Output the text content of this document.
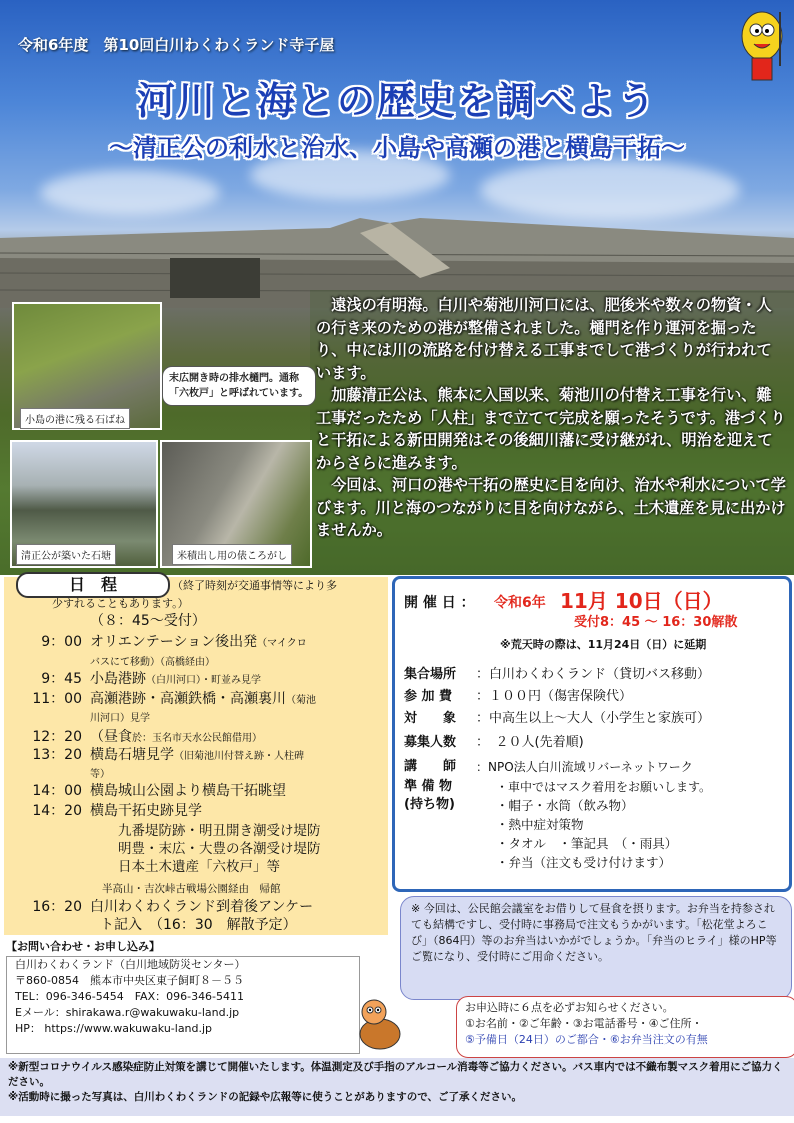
令和6年度　第10回白川わくわくランド寺子屋
河川と海との歴史を調べよう
～清正公の利水と治水、小島や高瀬の港と横島干拓～
小島の港に残る石ばね
末広開き時の排水樋門。通称「六枚戸」と呼ばれています。
清正公が築いた石塘	米積出し用の俵ころがし

　遠浅の有明海。白川や菊池川河口には、肥後米や数々の物資・人の行き来のための港が整備されました。樋門を作り運河を掘ったり、中には川の流路を付け替える工事までして港づくりが行われています。

　加藤清正公は、熊本に入国以来、菊池川の付替え工事を行い、難工事だったため「人柱」まで立てて完成を願ったそうです。港づくりと干拓による新田開発はその後細川藩に受け継がれ、明治を迎えてからさらに進みます。

　今回は、河口の港や干拓の歴史に目を向け、治水や利水について学びます。川と海のつながりに目を向けながら、土木遺産を見に出かけませんか。

日　程	（終了時刻が交通事情等により多
少すれることもあります。）
（８：45～受付）
9：00 オリエンテーション後出発（マイクロ
バスにて移動）（高橋経由）
9：45 小島港跡（白川河口）・町並み見学
11：00 高瀬港跡・高瀬鉄橋・高瀬裏川（菊池
川河口）見学
12：20 （昼食於：玉名市天水公民館借用）
13：20 横島石塘見学（旧菊池川付替え跡・人柱碑
等）
14：00 横島城山公園より横島干拓眺望
14：20 横島干拓史跡見学
九番堤防跡・明丑開き潮受け堤防
明豊・末広・大豊の各潮受け堤防
日本土木遺産「六枚戸」等
半高山・吉次峠古戦場公園経由　帰館
16：20 白川わくわくランド到着後アンケー
ト記入　（16：30　解散予定）
【お問い合わせ・お申し込み】
白川わくわくランド（白川地域防災センター）
〒860-0854　熊本市中央区東子飼町８－５５
TEL：096-346-5454　FAX：096-346-5411
Eメール：shirakawa.r@wakuwaku-land.jp
HP： https://www.wakuwaku-land.jp
開 催 日 ： 令和6年 11月 10日（日）
受付8：45 ～ 16：30解散
※荒天時の際は、11月24日（日）に延期
集合場所 ：白川わくわくランド（貸切バス移動）
参 加 費 ：１００円（傷害保険代）
対　　象 ：中高生以上～大人（小学生と家族可）
募集人数 ：　２０人(先着順)
講　　師 ：NPO法人白川流域リバーネットワーク
準 備 物
(持ち物)
・車中ではマスク着用をお願いします。
・帽子・水筒（飲み物）
・熱中症対策物
・タオル　・筆記具　（・雨具）
・弁当（注文も受け付けます）
※ 今回は、公民館会議室をお借りして昼食を摂ります。お弁当を持参されても結構ですし、受付時に事務局で注文もうかがいます。「松花堂よろこび」（864円）等のお弁当はいかがでしょうか。「弁当のヒライ」様のHP等ご覧になり、受付時にご用命ください。
お申込時に６点を必ずお知らせください。
①お名前・②ご年齢・③お電話番号・④ご住所・
⑤予備日（24日）のご都合・⑥お弁当注文の有無
※新型コロナウイルス感染症防止対策を講じて開催いたします。体温測定及び手指のアルコール消毒等ご協力ください。バス車内では不織布製マスク着用にご協力ください。
※活動時に撮った写真は、白川わくわくランドの記録や広報等に使うことがありますので、ご了承ください。
